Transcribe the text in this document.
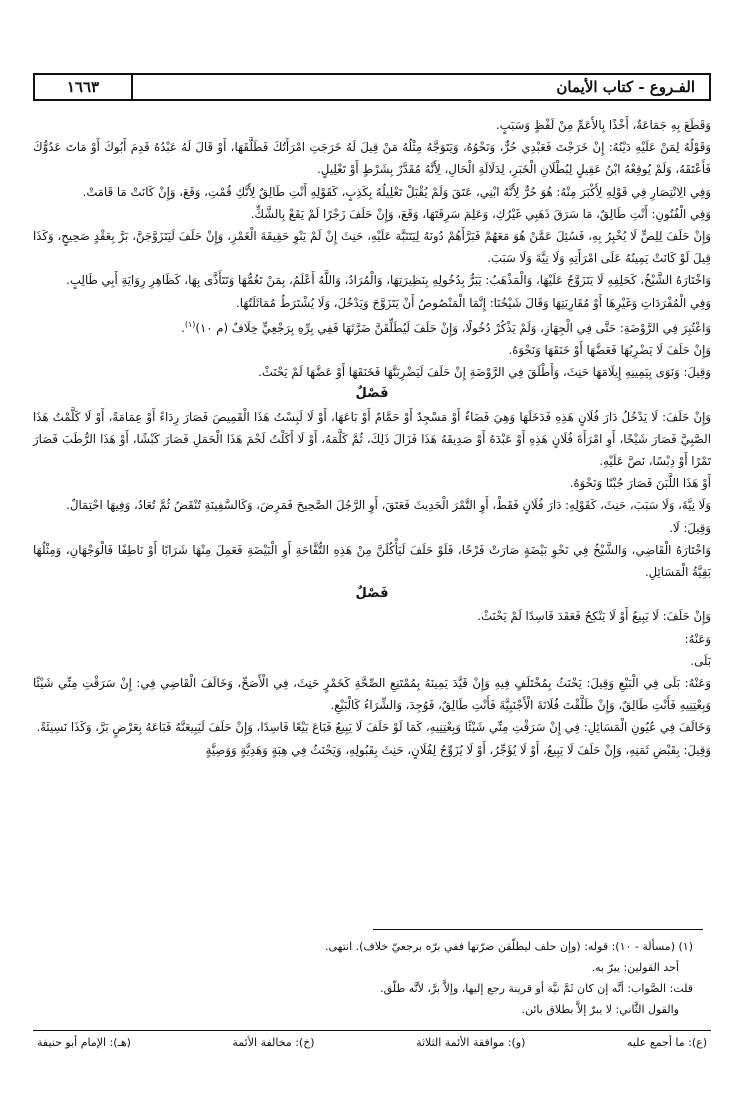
الفـروع - كتاب الأيمان
١٦٦٣

وَقَطَعَ بِهِ جَمَاعَةٌ، أَخْذًا بِالأَعَمِّ مِنْ لَفْظٍ وَسَبَبٍ.

وَقَوْلُهُ لِمَنْ عَلَيْهِ دَيْنُهُ: إِنْ خَرَجْتَ فَعَبْدِي حُرٌّ، وَنَحْوُهُ، وَيَتَوَجَّهُ مِثْلُهُ مَنْ قِيلَ لَهُ خَرَجَتِ امْرَأَتُكَ فَطَلَّقَهَا، أَوْ قَالَ لَهُ عَبْدُهُ قَدِمَ أَبُوكَ أَوْ مَاتَ عَدُوُّكَ فَأَعْتَقَهُ، وَلَمْ يُوقِعْهُ ابْنُ عَقِيلٍ لِبُطْلَانِ الْخَبَرِ، لِدَلَالَةِ الْحَالِ، لِأَنَّهُ مُقَدَّرٌ بِشَرْطٍ أَوْ تَعْلِيلٍ.

وَفِي الِانْتِصَارِ فِي قَوْلِهِ لِأَكْبَرَ مِنْهُ: هُوَ حُرٌّ لِأَنَّهُ ابْنِي، عَتَقَ وَلَمْ يُقْبَلْ تَعْلِيلُهُ بِكَذِبٍ، كَقَوْلِهِ أَنْتِ طَالِقٌ لِأَنَّكِ قُمْتِ، وَقَعَ، وَإِنْ كَانَتْ مَا قَامَتْ.

وَفِي الْفُنُونِ: أَنْتِ طَالِقٌ، مَا سَرَقَ ذَهَبِي غَيْرُكِ، وَعَلِمَ سَرِقَتَهَا، وَقَعَ، وَإِنْ حَلَفَ زَجْرًا لَمْ يَقَعْ بِالشَّكِّ.

وَإِنْ حَلَفَ لِلِصٍّ لَا يُخْبِرُ بِهِ، فَسُئِلَ عَمَّنْ هُوَ مَعَهُمْ فَبَرَّأَهُمْ دُونَهُ لِيَتَنَبَّهَ عَلَيْهِ، حَنِثَ إِنْ لَمْ يَنْوِ حَقِيقَةَ الْغَمْزِ، وَإِنْ حَلَفَ لَيَتَزَوَّجَنَّ، بَرَّ بِعَقْدٍ صَحِيحٍ، وَكَذَا قِيلَ لَوْ كَانَتْ يَمِينُهُ عَلَى امْرَأَتِهِ وَلَا نِيَّةَ وَلَا سَبَبَ.

وَاخْتَارَهُ الشَّيْخُ، كَحَلِفِهِ لَا يَتَزَوَّجُ عَلَيْهَا، وَالْمَذْهَبُ: يَبَرُّ بِدُخُولِهِ بِنَظِيرَتِهَا، وَالْمُرَادُ، وَاللَّهُ أَعْلَمُ، بِمَنْ تَغُمُّهَا وَتَتَأَذَّى بِهَا، كَظَاهِرِ رِوَايَةِ أَبِي طَالِبٍ.

وَفِي الْمُفْرَدَاتِ وَغَيْرِهَا أَوْ مُقَارِبَتِهَا وَقَالَ شَيْخُنَا: إِنَّمَا الْمَنْصُوصُ أَنْ يَتَزَوَّجَ وَيَدْخُلَ، وَلَا يُشْتَرَطُ مُمَاثَلَتُهَا.

وَاعْتُبِرَ فِي الرَّوْضَةِ: حَتَّى فِي الْجِهَازِ، وَلَمْ يَذْكُرْ دُخُولًا، وَإِنْ حَلَفَ لَيُطَلِّقَنَّ ضَرَّتَهَا فَفِي بِرِّهِ بِرَجْعِيٍّ خِلَافٌ (م ١٠)$^{(١)}$.

وَإِنْ حَلَفَ لَا يَضْرِبُهَا فَعَضَّهَا أَوْ خَنَقَهَا وَنَحْوَهُ.

وَقِيلَ: وَنَوَى بِيَمِينِهِ إِيلَامَهَا حَنِثَ، وَأَطْلَقَ فِي الرَّوْضَةِ إِنْ حَلَفَ لَيَضْرِبَنَّهَا فَخَنَقَهَا أَوْ عَضَّهَا لَمْ يَحْنَثْ.

فَصْلٌ

وَإِنْ حَلَفَ: لَا يَدْخُلُ دَارَ فُلَانٍ هَذِهِ فَدَخَلَهَا وَهِيَ فَضَاءٌ أَوْ مَسْجِدٌ أَوْ حَمَّامٌ أَوْ بَاعَهَا، أَوْ لَا لَبِسْتُ هَذَا الْقَمِيصَ فَصَارَ رِدَاءً أَوْ عِمَامَةً، أَوْ لَا كَلَّمْتُ هَذَا الصَّبِيَّ فَصَارَ شَيْخًا، أَوِ امْرَأَةَ فُلَانٍ هَذِهِ أَوْ عَبْدَهُ أَوْ صَدِيقَهُ هَذَا فَزَالَ ذَلِكَ، ثُمَّ كَلَّمَهُ، أَوْ لَا أَكَلْتُ لَحْمَ هَذَا الْحَمَلِ فَصَارَ كَبْشًا، أَوْ هَذَا الرُّطَبَ فَصَارَ تَمْرًا أَوْ دِبْسًا، نَصَّ عَلَيْهِ.

أَوْ هَذَا اللَّبَنَ فَصَارَ جُبْنًا وَنَحْوَهُ.

وَلَا نِيَّةَ، وَلَا سَبَبَ، حَنِثَ، كَقَوْلِهِ: دَارَ فُلَانٍ فَقَطْ، أَوِ التَّمْرَ الْحَدِيثَ فَعَتَقَ، أَوِ الرَّجُلَ الصَّحِيحَ فَمَرِضَ، وَكَالسَّفِينَةِ تُنْقَضُ ثُمَّ تُعَادُ، وَفِيهَا احْتِمَالٌ.

وَقِيلَ: لَا.

وَاخْتَارَهُ الْقَاضِي، وَالشَّيْخُ فِي نَحْوِ بَيْضَةٍ صَارَتْ فَرْخًا، فَلَوْ حَلَفَ لَيَأْكُلَنَّ مِنْ هَذِهِ التُّفَّاحَةِ أَوِ الْبَيْضَةِ فَعَمِلَ مِنْهَا شَرَابًا أَوْ نَاطِفًا فَالْوَجْهَانِ، وَمِثْلُهَا بَقِيَّةُ الْمَسَائِلِ.

فَصْلٌ

وَإِنْ حَلَفَ: لَا يَبِيعُ أَوْ لَا يَنْكِحُ فَعَقَدَ فَاسِدًا لَمْ يَحْنَثْ.

وَعَنْهُ:

بَلَى.

وَعَنْهُ: بَلَى فِي الْبَيْعِ وَقِيلَ: يَحْنَثُ بِمُخْتَلَفٍ فِيهِ وَإِنْ قَيَّدَ يَمِينَهُ بِمُمْتَنِعِ الصِّحَّةِ كَخَمْرٍ حَنِثَ، فِي الْأَصَحِّ، وَخَالَفَ الْقَاضِي فِي: إِنْ سَرَقْتِ مِنِّي شَيْئًا وَبِعْتِنِيهِ فَأَنْتِ طَالِقٌ، وَإِنْ طَلَّقْتَ فُلَانَةَ الْأَجْنَبِيَّةَ فَأَنْتِ طَالِقٌ، فَوُجِدَ، وَالشِّرَاءُ كَالْبَيْعِ.

وَخَالَفَ فِي عُيُونِ الْمَسَائِلِ: فِي إِنْ سَرَقْتِ مِنِّي شَيْئًا وَبِعْتِنِيهِ، كَمَا لَوْ حَلَفَ لَا يَبِيعُ فَبَاعَ بَيْعًا فَاسِدًا، وَإِنْ حَلَفَ لَيَبِيعَنَّهُ فَبَاعَهُ بِعَرْضٍ بَرَّ، وَكَذَا نَسِيئَةً.

وَقِيلَ: بِقَبْضِ ثَمَنِهِ، وَإِنْ حَلَفَ لَا يَبِيعُ، أَوْ لَا يُؤَجِّرُ، أَوْ لَا يُزَوِّجُ لِفُلَانٍ، حَنِثَ بِقَبُولِهِ، وَيَحْنَثُ فِي هِبَةٍ وَهَدِيَّةٍ وَوَصِيَّةٍ

(١) (مسألة - ١٠): قوله: (وإن حلف ليطلّقن ضرّتها ففي برّه برجعيّ خلاف). انتهى.

أحد القولين: يبرّ به.

قلت: الصَّواب: أنَّه إن كان ثَمَّ نيَّة أو قرينة رجع إليها، وإلاَّ برَّ، لأنَّه طلّق.

والقول الثَّاني: لا يبرّ إلاَّ بطلاق بائن.

(ع): ما أجمع عليه
(و): موافقة الأئمة الثلاثة
(خ): مخالفة الأئمة
(هـ): الإمام أبو حنيفة
